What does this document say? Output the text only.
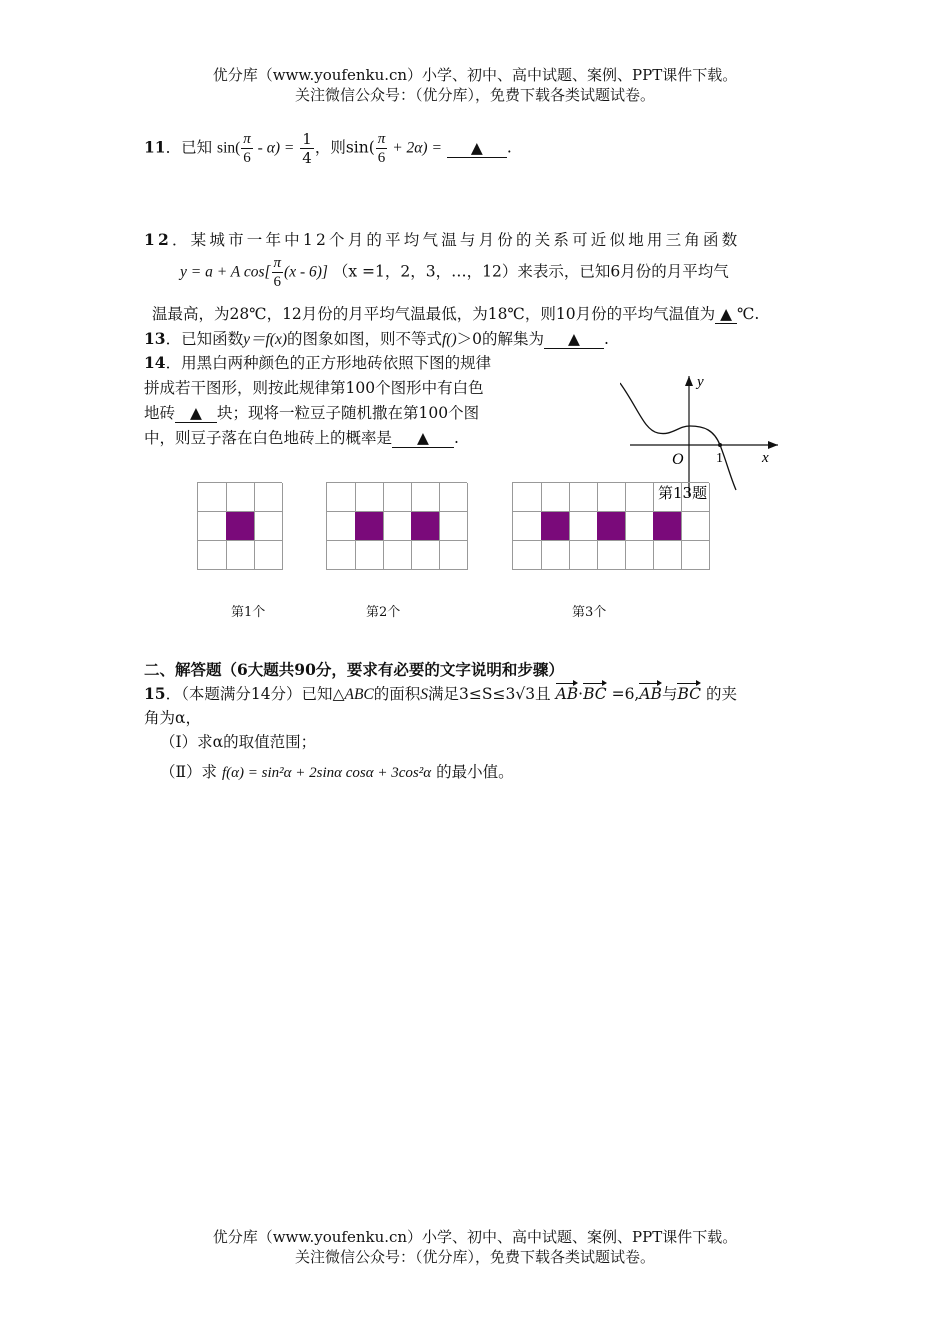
优分库（www.youfenku.cn）小学、初中、高中试题、案例、PPT课件下载。
关注微信公众号：（优分库），免费下载各类试题试卷。
11．已知 $\sin( \frac{\pi}{6} - \alpha) = \frac{1}{4}$ ，则$\sin( \frac{\pi}{6} + 2\alpha)$ = ▲ .
12．某城市一年中12个月的平均气温与月份的关系可近似地用三角函数
y = a + A $\cos[ \frac{\pi}{6} (x - 6)]$ （x =1，2，3，…，12）来表示，已知6月份的月平均气
温最高，为28℃，12月份的月平均气温最低，为18℃，则10月份的平均气温值为 ▲ ℃.
13．已知函数y＝f(x)的图象如图，则不等式f()＞0的解集为 ▲ .
14．用黑白两种颜色的正方形地砖依照下图的规律
拼成若干图形，则按此规律第100个图形中有白色
地砖 ▲ 块；现将一粒豆子随机撒在第100个图
中，则豆子落在白色地砖上的概率是 ▲ .
y
x
O 1
第13题
第1个	第2个	第3个
二、解答题（6大题共90分，要求有必要的文字说明和步骤）
15．（本题满分14分）已知△ABC的面积S满足3≤S≤3√3且 AB·BC =6,AB与BC 的夹
角为α，
（Ⅰ）求α的取值范围；
（Ⅱ）求 f(α) = sin²α + 2sinα cosα + 3cos²α 的最小值。
优分库（www.youfenku.cn）小学、初中、高中试题、案例、PPT课件下载。
关注微信公众号：（优分库），免费下载各类试题试卷。
